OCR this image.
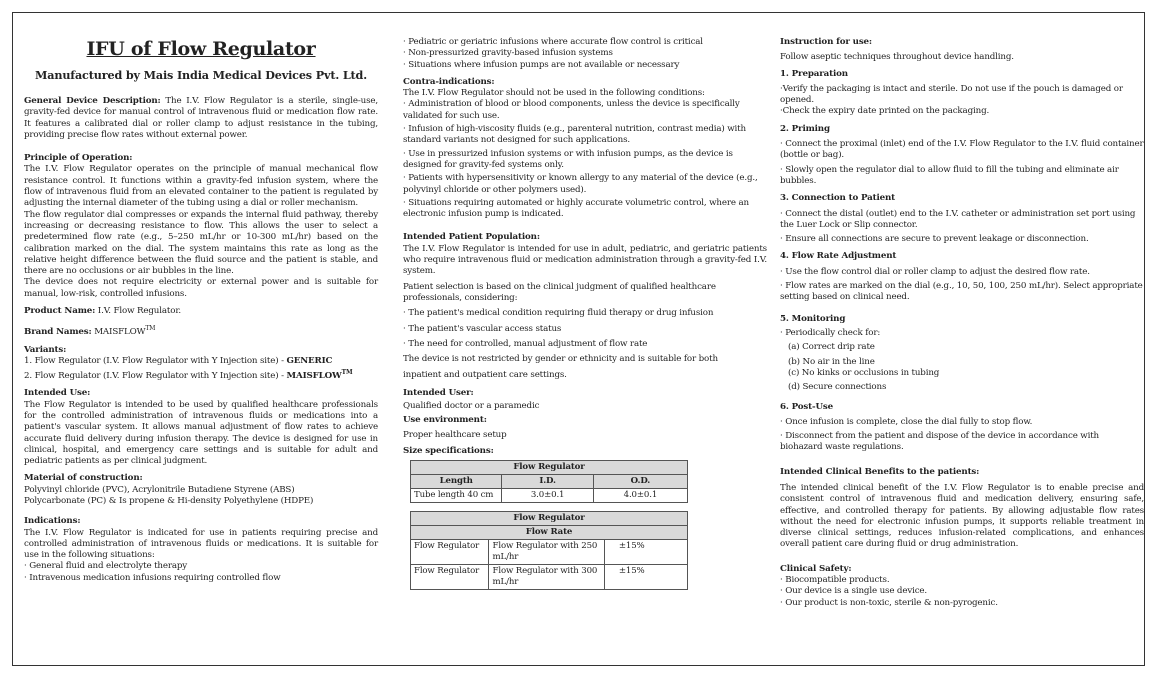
IFU of Flow Regulator
Manufactured by Mais India Medical Devices Pvt. Ltd.

General Device Description: The I.V. Flow Regulator is a sterile, single-use, gravity-fed device for manual control of intravenous fluid or medication flow rate. It features a calibrated dial or roller clamp to adjust resistance in the tubing, providing precise flow rates without external power.

Principle of Operation:

The I.V. Flow Regulator operates on the principle of manual mechanical flow resistance control. It functions within a gravity-fed infusion system, where the flow of intravenous fluid from an elevated container to the patient is regulated by adjusting the internal diameter of the tubing using a dial or roller mechanism.

The flow regulator dial compresses or expands the internal fluid pathway, thereby increasing or decreasing resistance to flow. This allows the user to select a predetermined flow rate (e.g., 5–250 mL/hr or 10-300 mL/hr) based on the calibration marked on the dial. The system maintains this rate as long as the relative height difference between the fluid source and the patient is stable, and there are no occlusions or air bubbles in the line.

The device does not require electricity or external power and is suitable for manual, low-risk, controlled infusions.

Product Name: I.V. Flow Regulator.

Brand Names: MAISFLOW™

Variants:

1. Flow Regulator (I.V. Flow Regulator with Y Injection site) - GENERIC

2. Flow Regulator (I.V. Flow Regulator with Y Injection site) - MAISFLOW™

Intended Use:

The Flow Regulator is intended to be used by qualified healthcare professionals for the controlled administration of intravenous fluids or medications into a patient's vascular system. It allows manual adjustment of flow rates to achieve accurate fluid delivery during infusion therapy. The device is designed for use in clinical, hospital, and emergency care settings and is suitable for adult and pediatric patients as per clinical judgment.

Material of construction:

Polyvinyl chloride (PVC), Acrylonitrile Butadiene Styrene (ABS)

Polycarbonate (PC) & Is propene & Hi-density Polyethylene (HDPE)

Indications:

The I.V. Flow Regulator is indicated for use in patients requiring precise and controlled administration of intravenous fluids or medications. It is suitable for use in the following situations:

· General fluid and electrolyte therapy

· Intravenous medication infusions requiring controlled flow

· Pediatric or geriatric infusions where accurate flow control is critical

· Non-pressurized gravity-based infusion systems

· Situations where infusion pumps are not available or necessary

Contra-indications:

The I.V. Flow Regulator should not be used in the following conditions:

· Administration of blood or blood components, unless the device is specifically validated for such use.

· Infusion of high-viscosity fluids (e.g., parenteral nutrition, contrast media) with standard variants not designed for such applications.

· Use in pressurized infusion systems or with infusion pumps, as the device is designed for gravity-fed systems only.

· Patients with hypersensitivity or known allergy to any material of the device (e.g., polyvinyl chloride or other polymers used).

· Situations requiring automated or highly accurate volumetric control, where an electronic infusion pump is indicated.

Intended Patient Population:

The I.V. Flow Regulator is intended for use in adult, pediatric, and geriatric patients who require intravenous fluid or medication administration through a gravity-fed I.V. system.

Patient selection is based on the clinical judgment of qualified healthcare professionals, considering:

· The patient's medical condition requiring fluid therapy or drug infusion

· The patient's vascular access status

· The need for controlled, manual adjustment of flow rate

The device is not restricted by gender or ethnicity and is suitable for both

inpatient and outpatient care settings.

Intended User:

Qualified doctor or a paramedic

Use environment:

Proper healthcare setup

Size specifications:

Flow Regulator		
Length	I.D.	O.D.
Tube length 40 cm	3.0±0.1	4.0±0.1
Flow Regulator		
Flow Rate		
Flow Regulator	Flow Regulator with 250 mL/hr	±15%
Flow Regulator	Flow Regulator with 300 mL/hr	±15%

Instruction for use:

Follow aseptic techniques throughout device handling.

1. Preparation

·Verify the packaging is intact and sterile. Do not use if the pouch is damaged or opened.

·Check the expiry date printed on the packaging.

2. Priming

· Connect the proximal (inlet) end of the I.V. Flow Regulator to the I.V. fluid container (bottle or bag).

· Slowly open the regulator dial to allow fluid to fill the tubing and eliminate air bubbles.

3. Connection to Patient

· Connect the distal (outlet) end to the I.V. catheter or administration set port using the Luer Lock or Slip connector.

· Ensure all connections are secure to prevent leakage or disconnection.

4. Flow Rate Adjustment

· Use the flow control dial or roller clamp to adjust the desired flow rate.

· Flow rates are marked on the dial (e.g., 10, 50, 100, 250 mL/hr). Select appropriate setting based on clinical need.

5. Monitoring

· Periodically check for:

(a) Correct drip rate

(b) No air in the line

(c) No kinks or occlusions in tubing

(d) Secure connections

6. Post-Use

· Once infusion is complete, close the dial fully to stop flow.

· Disconnect from the patient and dispose of the device in accordance with biohazard waste regulations.

Intended Clinical Benefits to the patients:

The intended clinical benefit of the I.V. Flow Regulator is to enable precise and consistent control of intravenous fluid and medication delivery, ensuring safe, effective, and controlled therapy for patients. By allowing adjustable flow rates without the need for electronic infusion pumps, it supports reliable treatment in diverse clinical settings, reduces infusion-related complications, and enhances overall patient care during fluid or drug administration.

Clinical Safety:

· Biocompatible products.

· Our device is a single use device.

· Our product is non-toxic, sterile & non-pyrogenic.
